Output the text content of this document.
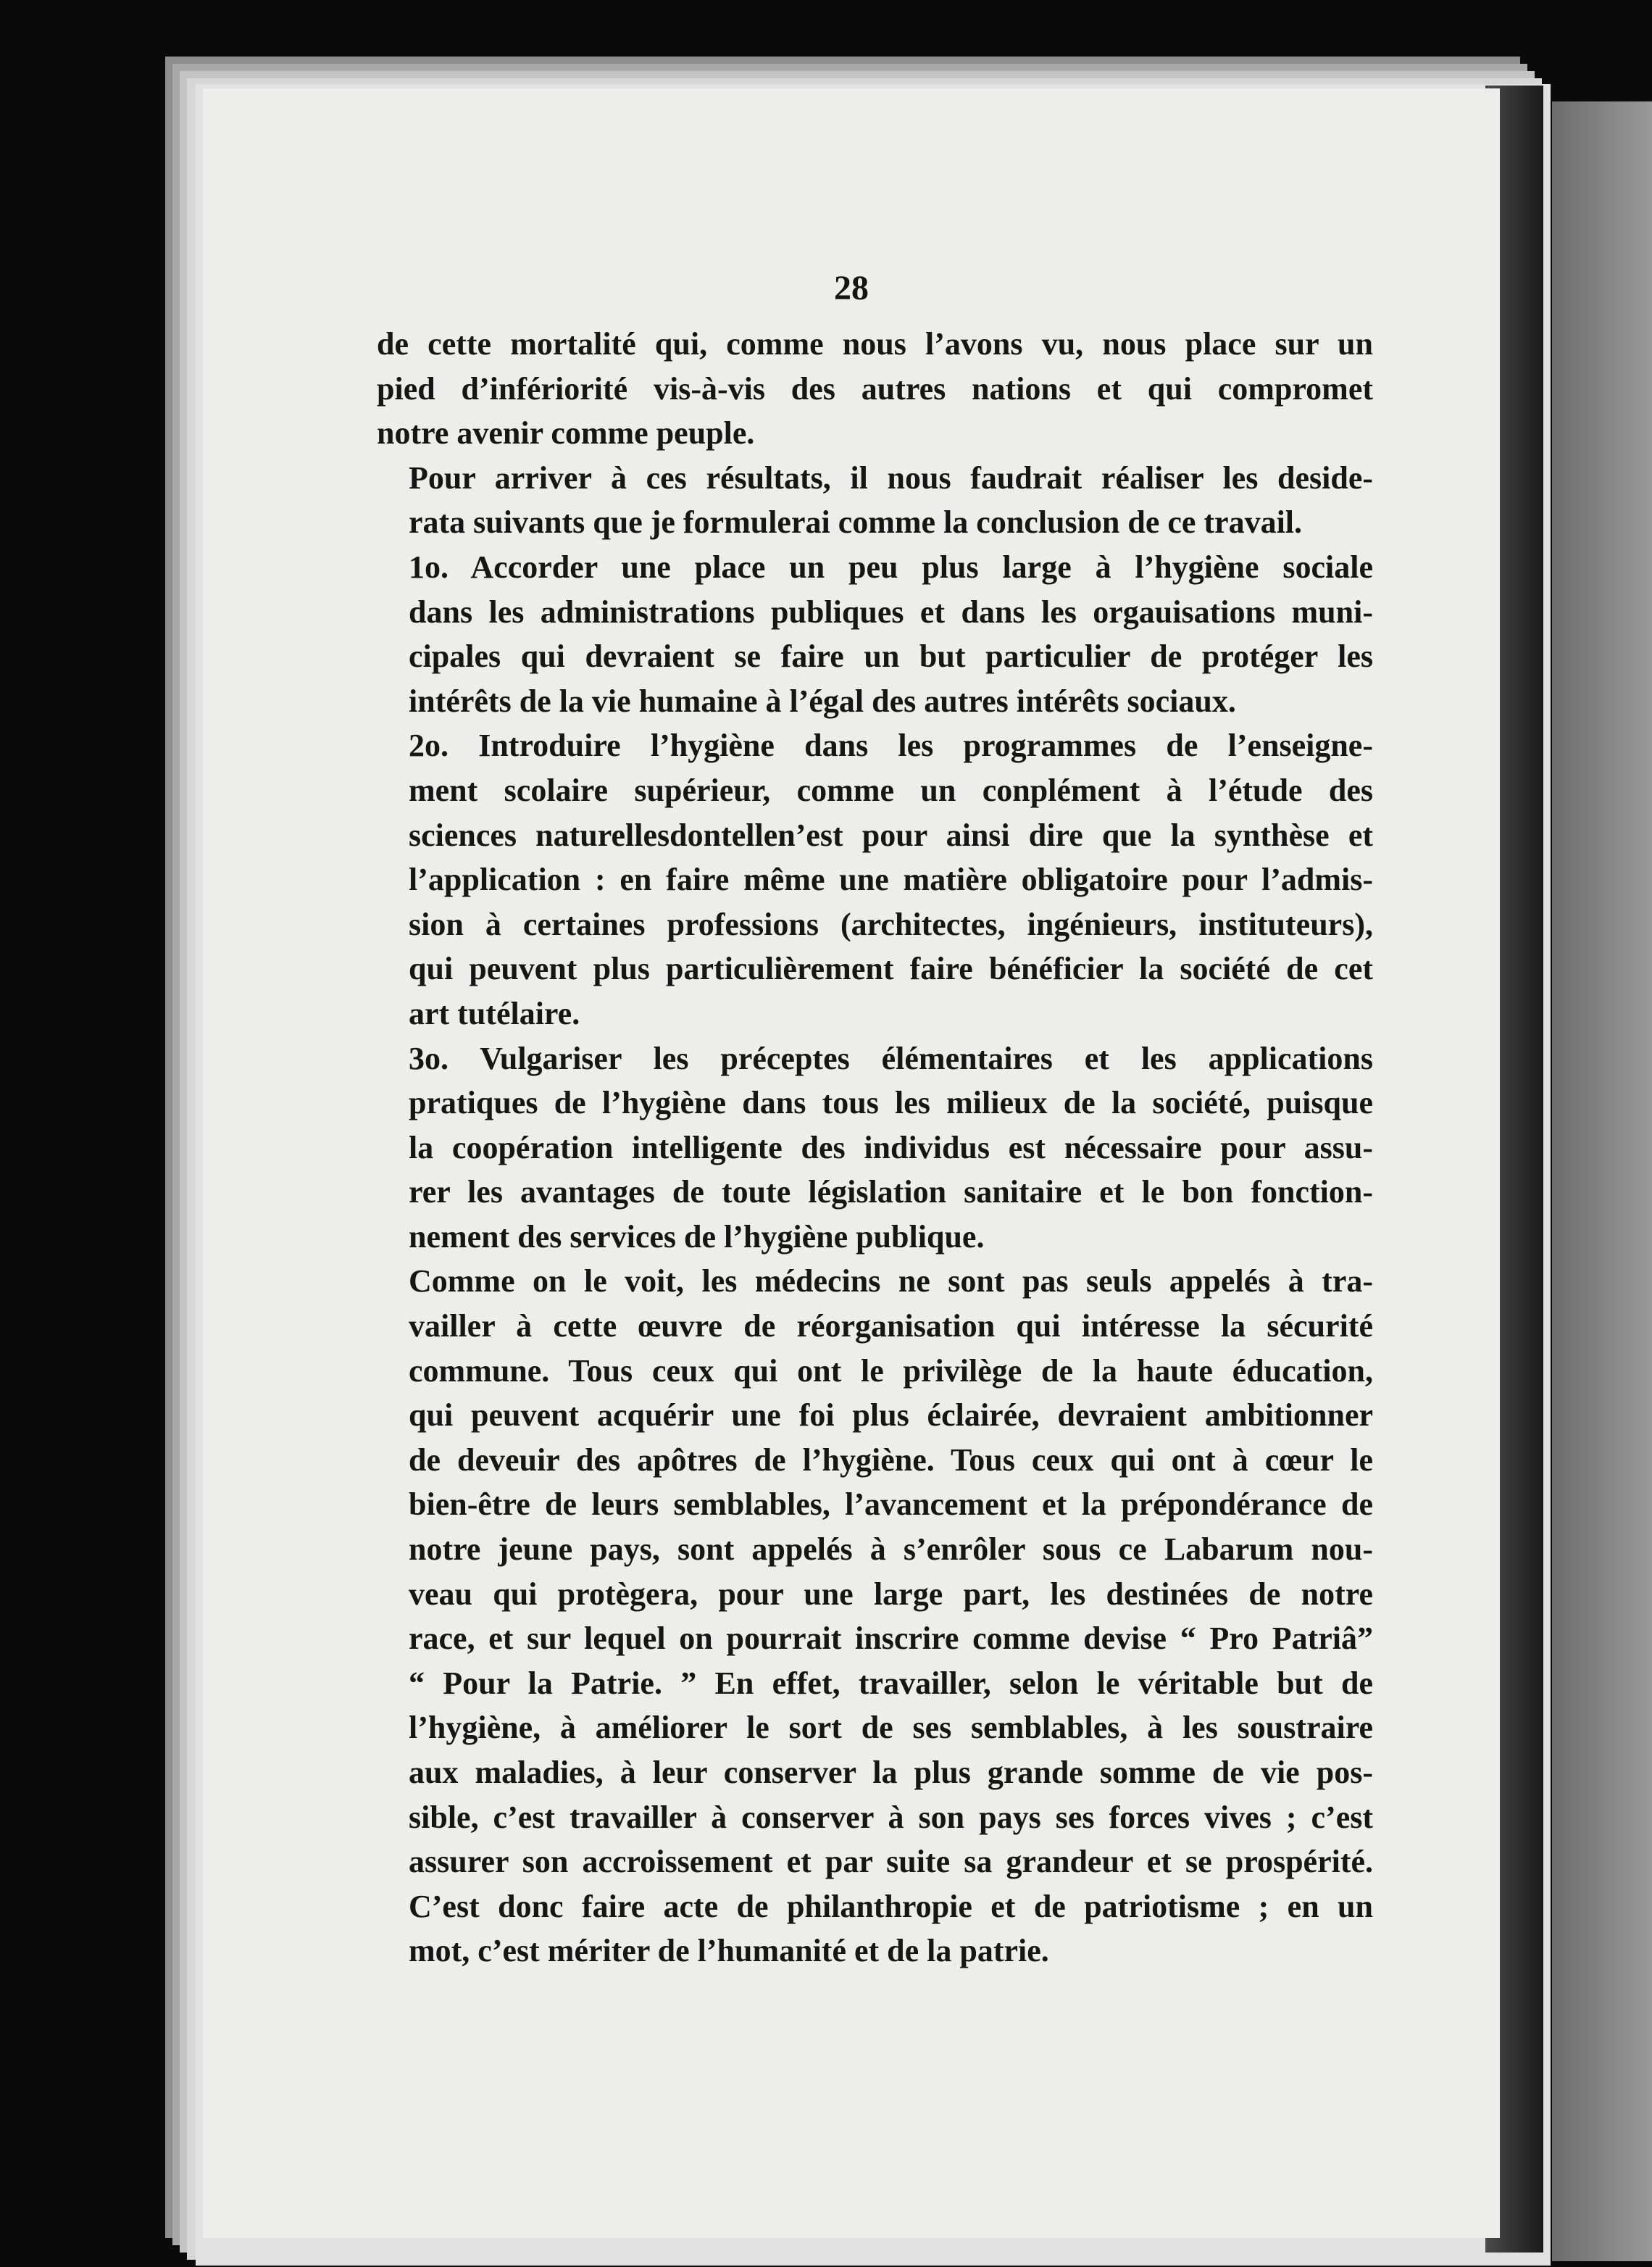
28

de cette mortalité qui, comme nous l’avons vu, nous place sur un
pied d’infériorité vis-à-vis des autres nations et qui compromet
notre avenir comme peuple.

Pour arriver à ces résultats, il nous faudrait réaliser les deside-
rata suivants que je formulerai comme la conclusion de ce travail.

1o. Accorder une place un peu plus large à l’hygiène sociale
dans les administrations publiques et dans les orgauisations muni-
cipales qui devraient se faire un but particulier de protéger les
intérêts de la vie humaine à l’égal des autres intérêts sociaux.

2o. Introduire l’hygiène dans les programmes de l’enseigne-
ment scolaire supérieur, comme un conplément à l’étude des
sciences naturellesdontellen’est pour ainsi dire que la synthèse et
l’application : en faire même une matière obligatoire pour l’admis-
sion à certaines professions (architectes, ingénieurs, instituteurs),
qui peuvent plus particulièrement faire bénéficier la société de cet
art tutélaire.

3o. Vulgariser les préceptes élémentaires et les applications
pratiques de l’hygiène dans tous les milieux de la société, puisque
la coopération intelligente des individus est nécessaire pour assu-
rer les avantages de toute législation sanitaire et le bon fonction-
nement des services de l’hygiène publique.

Comme on le voit, les médecins ne sont pas seuls appelés à tra-
vailler à cette œuvre de réorganisation qui intéresse la sécurité
commune. Tous ceux qui ont le privilège de la haute éducation,
qui peuvent acquérir une foi plus éclairée, devraient ambitionner
de deveuir des apôtres de l’hygiène. Tous ceux qui ont à cœur le
bien-être de leurs semblables, l’avancement et la prépondérance de
notre jeune pays, sont appelés à s’enrôler sous ce Labarum nou-
veau qui protègera, pour une large part, les destinées de notre
race, et sur lequel on pourrait inscrire comme devise “ Pro Patriâ”
“ Pour la Patrie. ” En effet, travailler, selon le véritable but de
l’hygiène, à améliorer le sort de ses semblables, à les soustraire
aux maladies, à leur conserver la plus grande somme de vie pos-
sible, c’est travailler à conserver à son pays ses forces vives ; c’est
assurer son accroissement et par suite sa grandeur et se prospérité.
C’est donc faire acte de philanthropie et de patriotisme ; en un
mot, c’est mériter de l’humanité et de la patrie.
